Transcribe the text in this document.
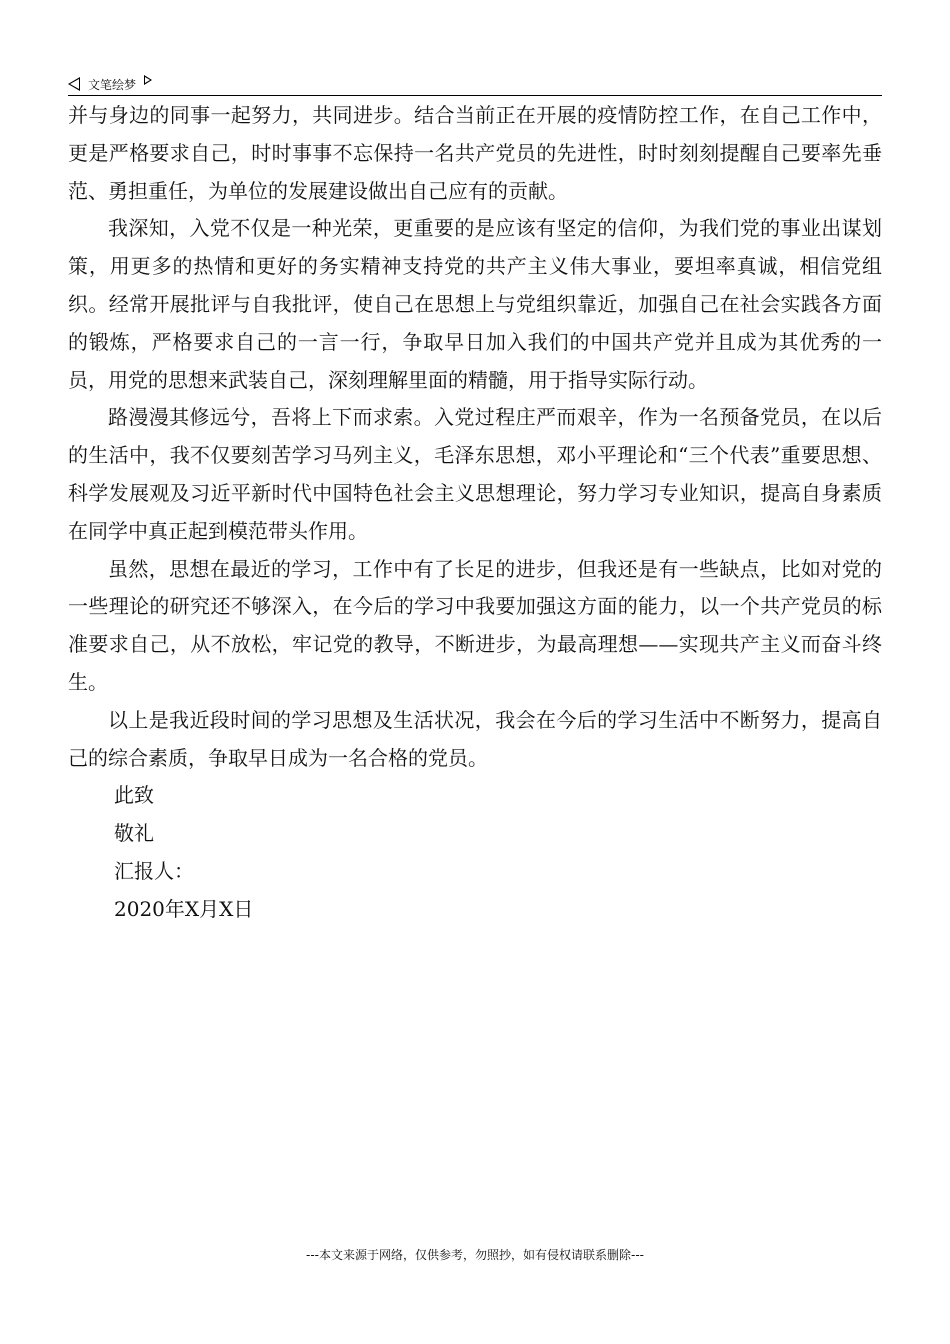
文笔绘梦

并与身边的同事一起努力，共同进步。结合当前正在开展的疫情防控工作，在自己工作中，更是严格要求自己，时时事事不忘保持一名共产党员的先进性，时时刻刻提醒自己要率先垂范、勇担重任，为单位的发展建设做出自己应有的贡献。

我深知，入党不仅是一种光荣，更重要的是应该有坚定的信仰，为我们党的事业出谋划策，用更多的热情和更好的务实精神支持党的共产主义伟大事业，要坦率真诚，相信党组织。经常开展批评与自我批评，使自己在思想上与党组织靠近，加强自己在社会实践各方面的锻炼，严格要求自己的一言一行，争取早日加入我们的中国共产党并且成为其优秀的一员，用党的思想来武装自己，深刻理解里面的精髓，用于指导实际行动。

路漫漫其修远兮，吾将上下而求索。入党过程庄严而艰辛，作为一名预备党员，在以后的生活中，我不仅要刻苦学习马列主义，毛泽东思想，邓小平理论和“三个代表”重要思想、科学发展观及习近平新时代中国特色社会主义思想理论，努力学习专业知识，提高自身素质在同学中真正起到模范带头作用。

虽然，思想在最近的学习，工作中有了长足的进步，但我还是有一些缺点，比如对党的一些理论的研究还不够深入，在今后的学习中我要加强这方面的能力，以一个共产党员的标准要求自己，从不放松，牢记党的教导，不断进步，为最高理想——实现共产主义而奋斗终生。

以上是我近段时间的学习思想及生活状况，我会在今后的学习生活中不断努力，提高自己的综合素质，争取早日成为一名合格的党员。

此致

敬礼

汇报人：

2020年X月X日

---本文来源于网络，仅供参考，勿照抄，如有侵权请联系删除---
